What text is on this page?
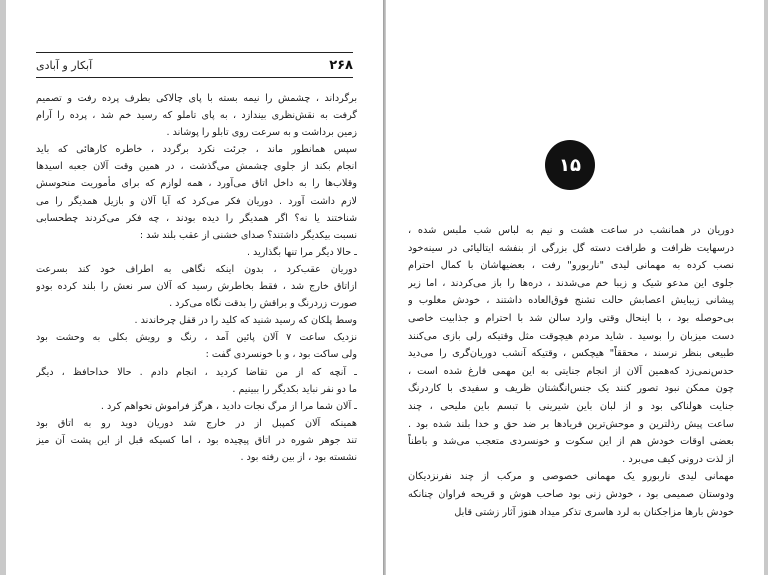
۲۶۸
آبکار و آبادی
برگرداند ، چشمش را نیمه بسته با پای چالاکی بطرف پرده رفت و تصمیم
گرفت به نقش‌نظری بیندازد ، به پای تاملو که رسید خم شد ، پرده را آرام
زمین برداشت و به سرعت روی تابلو را پوشاند .
سپس همانطور ماند ، جرئت نکرد برگردد ، خاطره کارهائی که باید
انجام بکند از جلوی چشمش می‌گذشت ، در همین وقت آلان جعبه اسیدها
وقلاب‌ها را به داخل اتاق می‌آورد ، همه لوازم که برای مأموریت منحوسش
لازم داشت آورد . دوریان فکر می‌کرد که آیا آلان و بازیل همدیگر را می‌
شناختند یا نه؟ اگر همدیگر را دیده بودند ، چه فکر می‌کردند چطحسابی
نسبت بیکدیگر داشتند؟ صدای خشنی از عقب بلند شد :
ـ حالا دیگر مرا تنها بگذارید .
دوریان عقب‌کرد ، بدون اینکه نگاهی به اطراف خود کند بسرعت
ازاتاق خارج شد ، فقط بخاطرش رسید که آلان سر نعش را بلند کرده بودو
صورت زردرنگ و براقش را بدقت نگاه می‌کرد .
وسط پلکان که رسید شنید که کلید را در قفل چرخاندند .
نزدیک ساعت ۷ آلان پائین آمد ، رنگ و رویش بکلی به وحشت بود
ولی ساکت بود ، و با خونسردی گفت :
ـ آنچه که از من تقاضا کردید ، انجام دادم . حالا خداحافظ ، دیگر
ما دو نفر نباید بکدیگر را ببینیم .
ـ آلان شما مرا از مرگ نجات دادید ، هرگز فراموش نخواهم کرد .
همینکه آلان کمپبل از در خارج شد دوریان دوید رو به اتاق بود
تند جوهر شوره در اتاق پیچیده بود ، اما کسیکه قبل از این پشت آن میز
نشسته بود ، از بین رفته بود .
۱۵
دوریان در همانشب در ساعت هشت و نیم به لباس شب ملبس شده ،
درسهایت ظرافت و طرافت دسته گل بزرگی از بنفشه ایتالیائی در سینه‌خود
نصب کرده به مهمانی لیدی "ناربورو" رفت ، بعضیهاشان با کمال احترام
جلوی این مدعو شیک و زیبا خم می‌شدند ، دره‌ها را باز می‌کردند ، اما زیر
پیشانی زیبایش اعصابش حالت تشنج فوق‌العاده داشتند ، خودش مغلوب و
بی‌حوصله بود ، با اینحال وقتی وارد سالن شد با احترام و جذابیت خاصی
دست میزبان را بوسید . شاید مردم هیچوقت مثل وقتیکه رلی بازی می‌کنند
طبیعی بنظر نرسند ، محققاً" هیچکس ، وقتیکه آنشب دوریان‌گری را می‌دید
حدس‌نمی‌زد که‌همین آلان از انجام جنایتی به این مهمی فارغ شده است ،
چون ممکن نبود تصور کنند یک جنس‌انگشتان ظریف و سفیدی با کارد‌رنگ
جنایت هولناکی بود و از لبان باین شیرینی با تبسم باین ملیحی ، چند
ساعت پیش رذلترین و موحش‌ترین فریادها بر ضد حق و خدا بلند شده بود .
بعضی اوقات خودش هم از این سکوت و خونسردی متعجب می‌شد و باطناً
از لذت درونی کیف می‌برد .
مهمانی لیدی ناربورو یک مهمانی خصوصی و مرکب از چند نفرنزدیکان
ودوستان صمیمی بود ، خودش زنی بود صاحب هوش و قریحه فراوان چنانکه
خودش بارها مزاجکنان به لرد هاسری تذکر میداد هنوز آثار زشتی قابل
